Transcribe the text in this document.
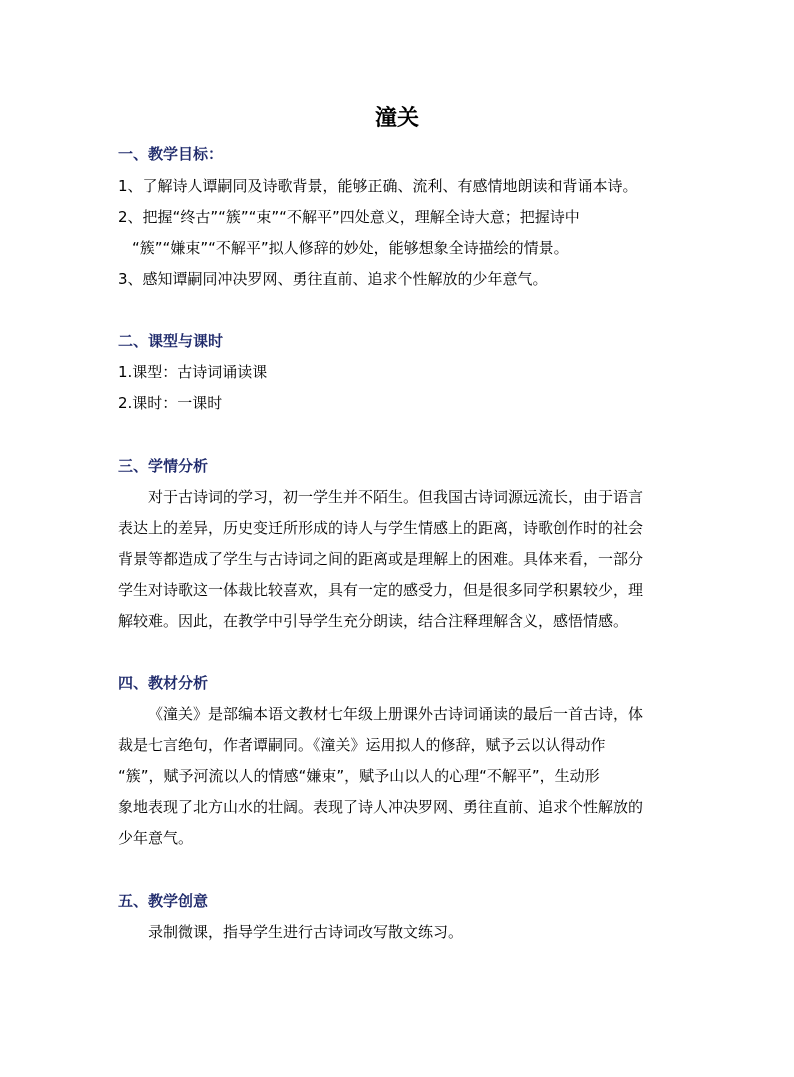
潼关
一、教学目标：
1、了解诗人谭嗣同及诗歌背景，能够正确、流利、有感情地朗读和背诵本诗。
2、把握“终古”“簇”“束”“不解平”四处意义，理解全诗大意；把握诗中
“簇”“嫌束”“不解平”拟人修辞的妙处，能够想象全诗描绘的情景。
3、感知谭嗣同冲决罗网、勇往直前、追求个性解放的少年意气。
二、课型与课时
1.课型：古诗词诵读课
2.课时：一课时
三、学情分析
对于古诗词的学习，初一学生并不陌生。但我国古诗词源远流长，由于语言
表达上的差异，历史变迁所形成的诗人与学生情感上的距离，诗歌创作时的社会
背景等都造成了学生与古诗词之间的距离或是理解上的困难。具体来看，一部分
学生对诗歌这一体裁比较喜欢，具有一定的感受力，但是很多同学积累较少，理
解较难。因此，在教学中引导学生充分朗读，结合注释理解含义，感悟情感。
四、教材分析
《潼关》是部编本语文教材七年级上册课外古诗词诵读的最后一首古诗，体
裁是七言绝句，作者谭嗣同。《潼关》运用拟人的修辞，赋予云以认得动作
“簇”，赋予河流以人的情感“嫌束”，赋予山以人的心理“不解平”，生动形
象地表现了北方山水的壮阔。表现了诗人冲决罗网、勇往直前、追求个性解放的
少年意气。
五、教学创意
录制微课，指导学生进行古诗词改写散文练习。
